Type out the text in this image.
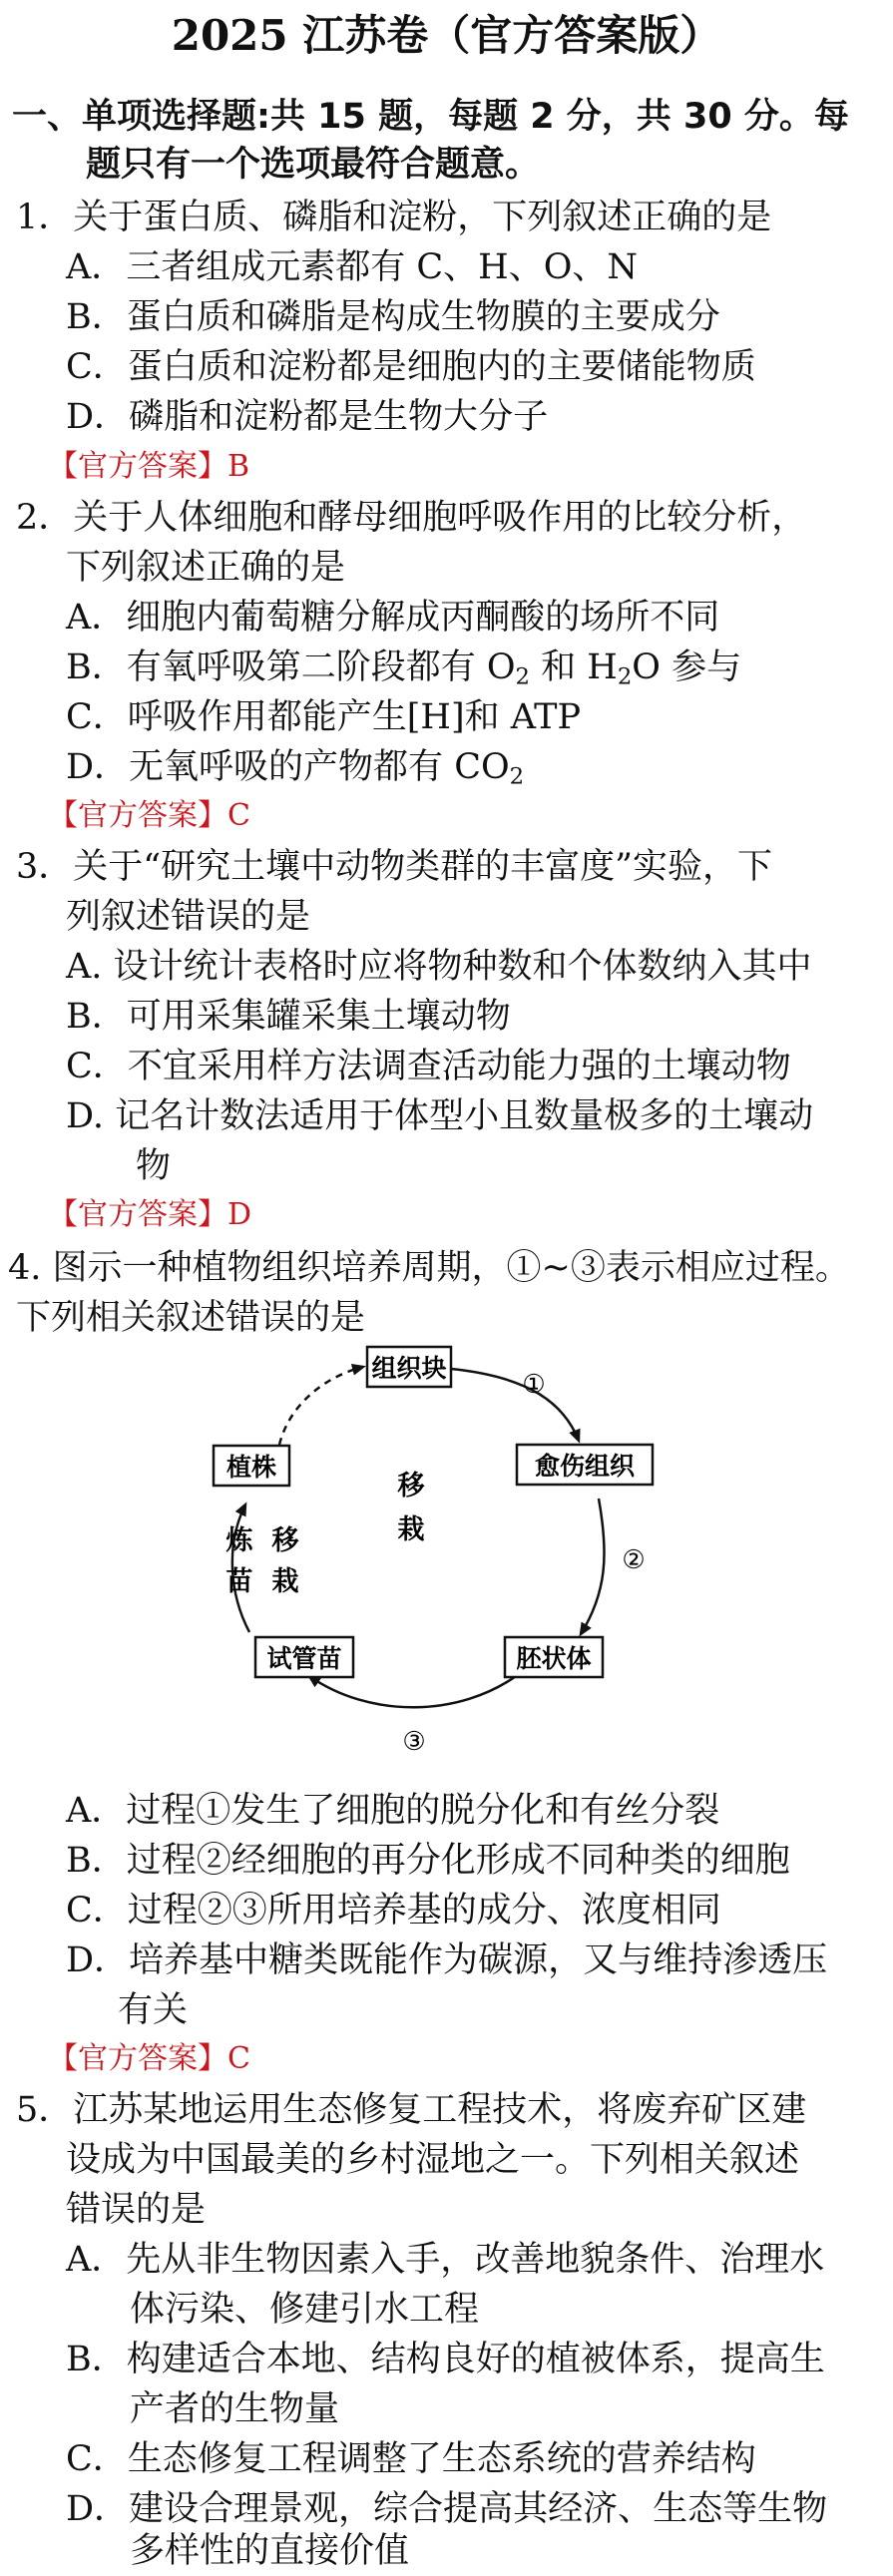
2025 江苏卷（官方答案版）
一、单项选择题:共 15 题，每题 2 分，共 30 分。每
题只有一个选项最符合题意。
1．关于蛋白质、磷脂和淀粉，下列叙述正确的是
A．三者组成元素都有 C、H、O、N
B．蛋白质和磷脂是构成生物膜的主要成分
C．蛋白质和淀粉都是细胞内的主要储能物质
D．磷脂和淀粉都是生物大分子
【官方答案】B
2．关于人体细胞和酵母细胞呼吸作用的比较分析，
下列叙述正确的是
A．细胞内葡萄糖分解成丙酮酸的场所不同
B．有氧呼吸第二阶段都有 $O_2$ 和 $H_2O$ 参与
C．呼吸作用都能产生[H]和 ATP
D．无氧呼吸的产物都有 $CO_2$
【官方答案】C
3．关于“研究土壤中动物类群的丰富度”实验，下
列叙述错误的是
A. 设计统计表格时应将物种数和个体数纳入其中
B．可用采集罐采集土壤动物
C．不宜采用样方法调查活动能力强的土壤动物
D. 记名计数法适用于体型小且数量极多的土壤动
物
【官方答案】D
4. 图示一种植物组织培养周期，①~③表示相应过程。
下列相关叙述错误的是
组织块
愈伤组织
胚状体
试管苗
植株
①
②
③
移
栽
炼
苗
移
栽
A．过程①发生了细胞的脱分化和有丝分裂
B．过程②经细胞的再分化形成不同种类的细胞
C．过程②③所用培养基的成分、浓度相同
D．培养基中糖类既能作为碳源，又与维持渗透压
有关
【官方答案】C
5．江苏某地运用生态修复工程技术，将废弃矿区建
设成为中国最美的乡村湿地之一。下列相关叙述
错误的是
A．先从非生物因素入手，改善地貌条件、治理水
体污染、修建引水工程
B．构建适合本地、结构良好的植被体系，提高生
产者的生物量
C．生态修复工程调整了生态系统的营养结构
D．建设合理景观，综合提高其经济、生态等生物
多样性的直接价值
